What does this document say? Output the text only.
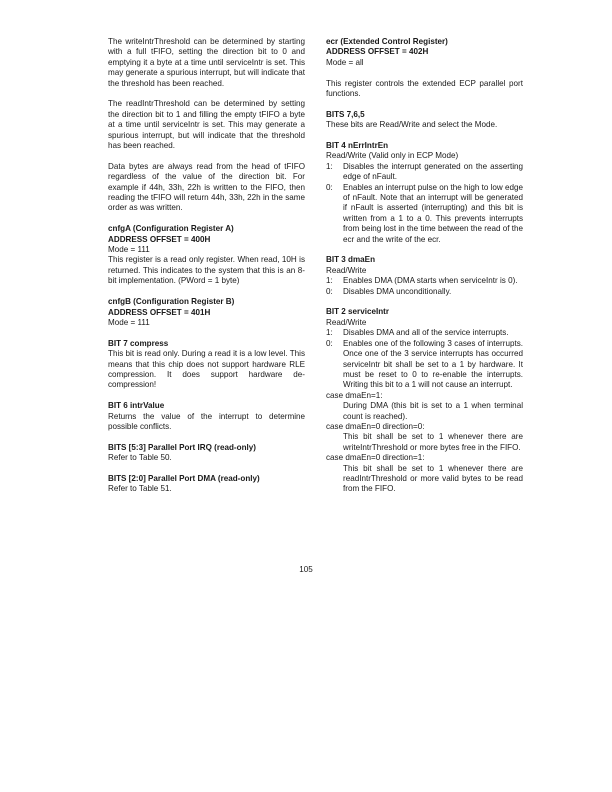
The writeIntrThreshold can be determined by starting with a full tFIFO, setting the direction bit to 0 and emptying it a byte at a time until serviceIntr is set. This may generate a spurious interrupt, but will indicate that the threshold has been reached.

The readIntrThreshold can be determined by setting the direction bit to 1 and filling the empty tFIFO a byte at a time until serviceIntr is set. This may generate a spurious interrupt, but will indicate that the threshold has been reached.

Data bytes are always read from the head of tFIFO regardless of the value of the direction bit. For example if 44h, 33h, 22h is written to the FIFO, then reading the tFIFO will return 44h, 33h, 22h in the same order as was written.

cnfgA (Configuration Register A)

ADDRESS OFFSET = 400H

Mode = 111

This register is a read only register. When read, 10H is returned. This indicates to the system that this is an 8-bit implementation. (PWord = 1 byte)

cnfgB (Configuration Register B)

ADDRESS OFFSET = 401H

Mode = 111

BIT 7 compress

This bit is read only. During a read it is a low level. This means that this chip does not support hardware RLE compression. It does support hardware de-compression!

BIT 6 intrValue

Returns the value of the interrupt to determine possible conflicts.

BITS [5:3] Parallel Port IRQ (read-only)

Refer to Table 50.

BITS [2:0] Parallel Port DMA (read-only)

Refer to Table 51.

ecr (Extended Control Register)

ADDRESS OFFSET = 402H

Mode = all

This register controls the extended ECP parallel port functions.

BITS 7,6,5

These bits are Read/Write and select the Mode.

BIT 4 nErrIntrEn

Read/Write (Valid only in ECP Mode)

1:	Disables the interrupt generated on the asserting edge of nFault.
0:	Enables an interrupt pulse on the high to low edge of nFault. Note that an interrupt will be generated if nFault is asserted (interrupting) and this bit is written from a 1 to a 0. This prevents interrupts from being lost in the time between the read of the ecr and the write of the ecr.

BIT 3 dmaEn

Read/Write

1:	Enables DMA (DMA starts when serviceIntr is 0).
0:	Disables DMA unconditionally.

BIT 2 serviceIntr

Read/Write

1:	Disables DMA and all of the service interrupts.
0:	Enables one of the following 3 cases of interrupts. Once one of the 3 service interrupts has occurred serviceIntr bit shall be set to a 1 by hardware. It must be reset to 0 to re-enable the interrupts. Writing this bit to a 1 will not cause an interrupt.

case dmaEn=1:

During DMA (this bit is set to a 1 when terminal count is reached).

case dmaEn=0 direction=0:

This bit shall be set to 1 whenever there are writeIntrThreshold or more bytes free in the FIFO.

case dmaEn=0 direction=1:

This bit shall be set to 1 whenever there are readIntrThreshold or more valid bytes to be read from the FIFO.

105
